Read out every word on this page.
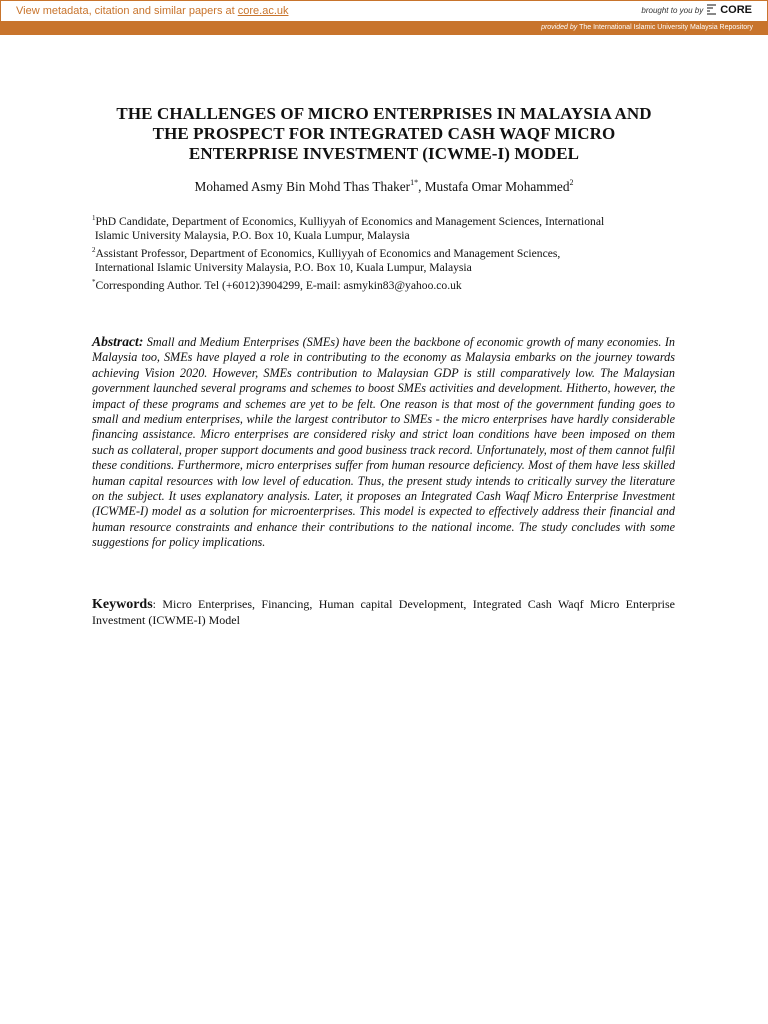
View metadata, citation and similar papers at core.ac.uk	brought to you by CORE
provided by The International Islamic University Malaysia Repository
THE CHALLENGES OF MICRO ENTERPRISES IN MALAYSIA AND
THE PROSPECT FOR INTEGRATED CASH WAQF MICRO
ENTERPRISE INVESTMENT (ICWME-I) MODEL
Mohamed Asmy Bin Mohd Thas Thaker$^{1*}$, Mustafa Omar Mohammed$^2$
$^1$PhD Candidate, Department of Economics, Kulliyyah of Economics and Management Sciences, International
Islamic University Malaysia, P.O. Box 10, Kuala Lumpur, Malaysia
$^2$Assistant Professor, Department of Economics, Kulliyyah of Economics and Management Sciences,
International Islamic University Malaysia, P.O. Box 10, Kuala Lumpur, Malaysia
*Corresponding Author. Tel (+6012)3904299, E-mail: asmykin83@yahoo.co.uk
Abstract: Small and Medium Enterprises (SMEs) have been the backbone of economic growth of many economies. In Malaysia too, SMEs have played a role in contributing to the economy as Malaysia embarks on the journey towards achieving Vision 2020. However, SMEs contribution to Malaysian GDP is still comparatively low. The Malaysian government launched several programs and schemes to boost SMEs activities and development. Hitherto, however, the impact of these programs and schemes are yet to be felt. One reason is that most of the government funding goes to small and medium enterprises, while the largest contributor to SMEs - the micro enterprises have hardly considerable financing assistance. Micro enterprises are considered risky and strict loan conditions have been imposed on them such as collateral, proper support documents and good business track record. Unfortunately, most of them cannot fulfil these conditions. Furthermore, micro enterprises suffer from human resource deficiency. Most of them have less skilled human capital resources with low level of education. Thus, the present study intends to critically survey the literature on the subject. It uses explanatory analysis. Later, it proposes an Integrated Cash Waqf Micro Enterprise Investment (ICWME-I) model as a solution for microenterprises. This model is expected to effectively address their financial and human resource constraints and enhance their contributions to the national income. The study concludes with some suggestions for policy implications.
Keywords: Micro Enterprises, Financing, Human capital Development, Integrated Cash Waqf Micro Enterprise Investment (ICWME-I) Model
